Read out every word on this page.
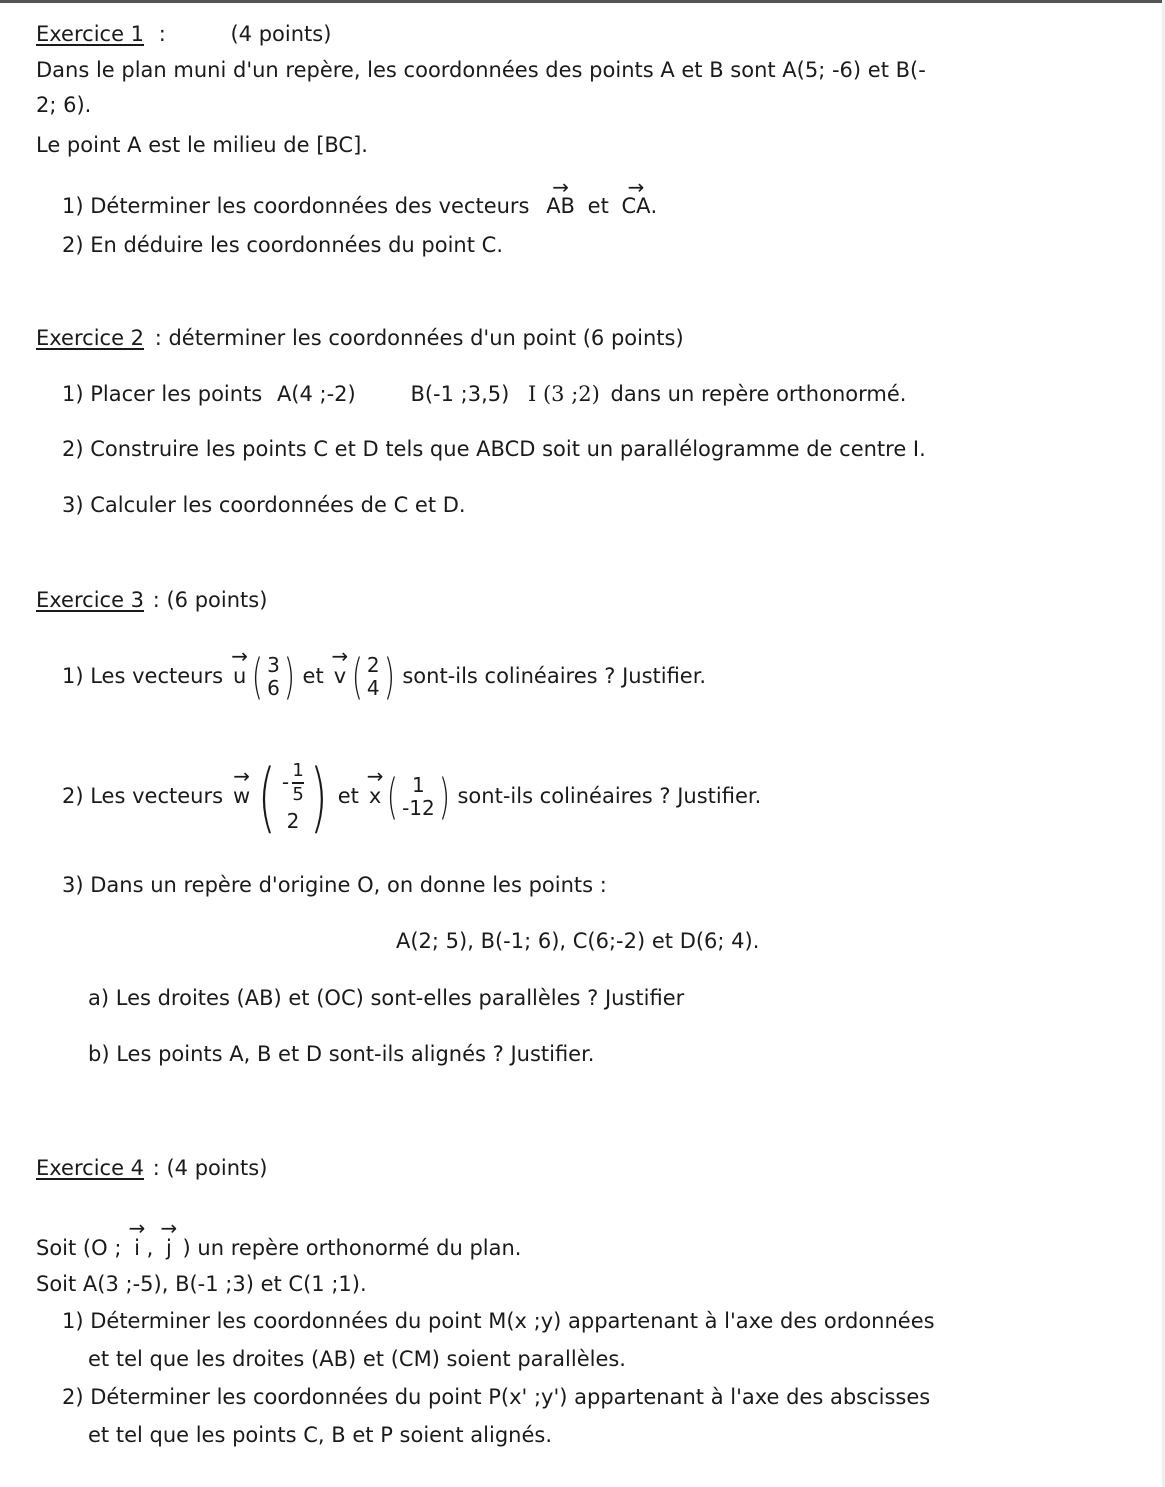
Exercice 1 :	(4 points)
Dans le plan muni d'un repère, les coordonnées des points A et B sont A(5; -6) et B(-
2; 6).
Le point A est le milieu de [BC].
1) Déterminer les coordonnées des vecteurs
→
AB et
→
CA.
2) En déduire les coordonnées du point C.
Exercice 2 : déterminer les coordonnées d'un point (6 points)
1) Placer les points A(4 ;-2)	B(-1 ;3,5) I (3 ;2) dans un repère orthonormé.
2) Construire les points C et D tels que ABCD soit un parallélogramme de centre I.
3) Calculer les coordonnées de C et D.
Exercice 3 : (6 points)
1) Les vecteurs
→
u ( 3
6 ) et
→
v ( 2
4 ) sont-ils colinéaires ? Justifier.
2) Les vecteurs
→
w ( - $\frac{1}{5}$
2 ) et
→
x ( 1
-12 ) sont-ils colinéaires ? Justifier.
3) Dans un repère d'origine O, on donne les points :
A(2; 5), B(-1; 6), C(6;-2) et D(6; 4).
a) Les droites (AB) et (OC) sont-elles parallèles ? Justifier
b) Les points A, B et D sont-ils alignés ? Justifier.
Exercice 4 : (4 points)
Soit (O ;
→
i ,
→
j ) un repère orthonormé du plan.
Soit A(3 ;-5), B(-1 ;3) et C(1 ;1).
1) Déterminer les coordonnées du point M(x ;y) appartenant à l'axe des ordonnées
et tel que les droites (AB) et (CM) soient parallèles.
2) Déterminer les coordonnées du point P(x' ;y') appartenant à l'axe des abscisses
et tel que les points C, B et P soient alignés.
